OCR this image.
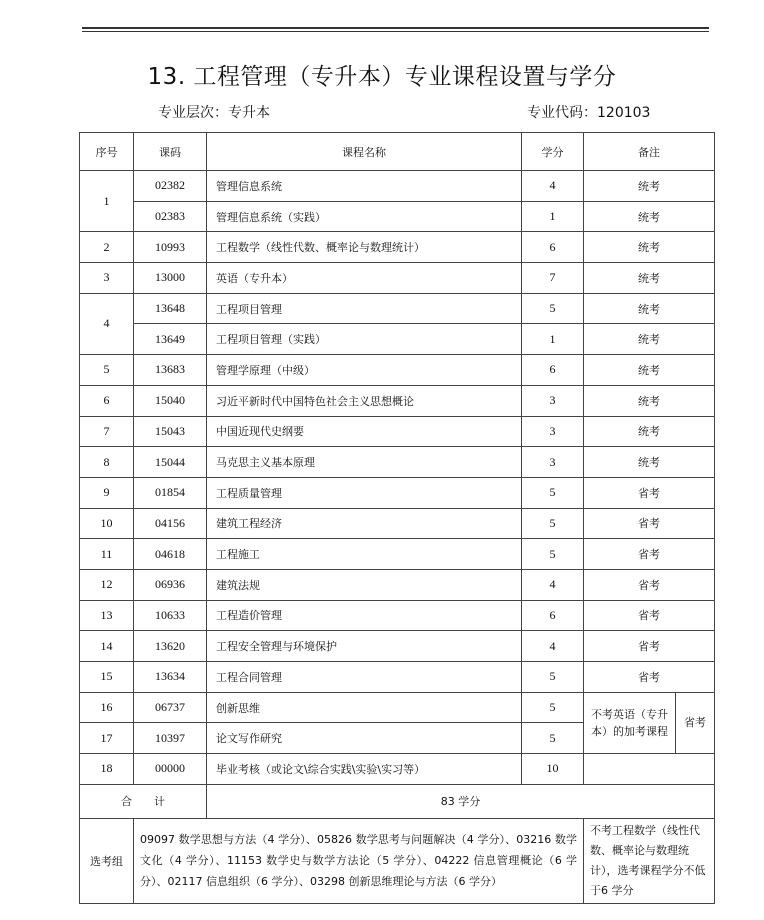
13. 工程管理（专升本）专业课程设置与学分
专业层次：专升本	专业代码：120103
序号	课码	课程名称	学分	备注	
1	02382	管理信息系统	4	统考	
	02383	管理信息系统（实践）	1	统考	
2	10993	工程数学（线性代数、概率论与数理统计）	6	统考	
3	13000	英语（专升本）	7	统考	
4	13648	工程项目管理	5	统考	
	13649	工程项目管理（实践）	1	统考	
5	13683	管理学原理（中级）	6	统考	
6	15040	习近平新时代中国特色社会主义思想概论	3	统考	
7	15043	中国近现代史纲要	3	统考	
8	15044	马克思主义基本原理	3	统考	
9	01854	工程质量管理	5	省考	
10	04156	建筑工程经济	5	省考	
11	04618	工程施工	5	省考	
12	06936	建筑法规	4	省考	
13	10633	工程造价管理	6	省考	
14	13620	工程安全管理与环境保护	4	省考	
15	13634	工程合同管理	5	省考	
16	06737	创新思维	5	不考英语（专升本）的加考课程	省考
17	10397	论文写作研究	5		
18	00000	毕业考核（或论文\综合实践\实验\实习等）	10		
合　　计		83 学分			
选考组	09097 数学思想与方法（4 学分）、05826 数学思考与问题解决（4 学分）、03216 数学文化（4 学分）、11153 数学史与数学方法论（5 学分）、04222 信息管理概论（6 学分）、02117 信息组织（6 学分）、03298 创新思维理论与方法（6 学分）			不考工程数学（线性代数、概率论与数理统计），选考课程学分不低于6 学分	
